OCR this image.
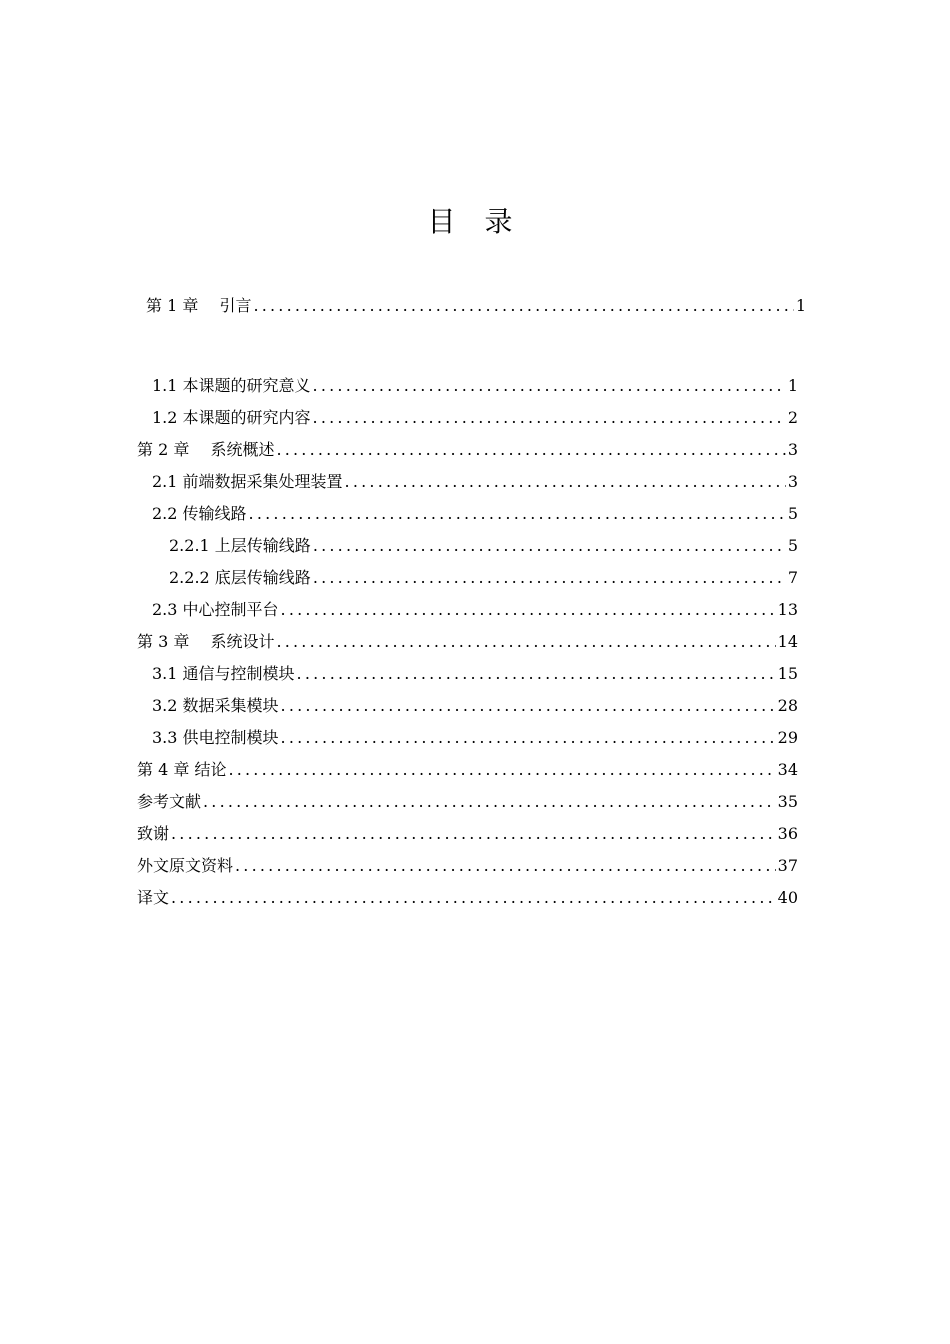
目 录
第 1 章　 引言 .....	1
1.1 本课题的研究意义 .....	1
1.2 本课题的研究内容 .....	2
第 2 章　 系统概述 .....	3
2.1 前端数据采集处理装置 .....	3
2.2 传输线路 .....	5
2.2.1 上层传输线路 .....	5
2.2.2 底层传输线路 .....	7
2.3 中心控制平台 .....	13
第 3 章　 系统设计 .....	14
3.1 通信与控制模块 .....	15
3.2 数据采集模块 .....	28
3.3 供电控制模块 .....	29
第 4 章 结论 .....	34
参考文献 .....	35
致谢 .....	36
外文原文资料 .....	37
译文 .....	40
